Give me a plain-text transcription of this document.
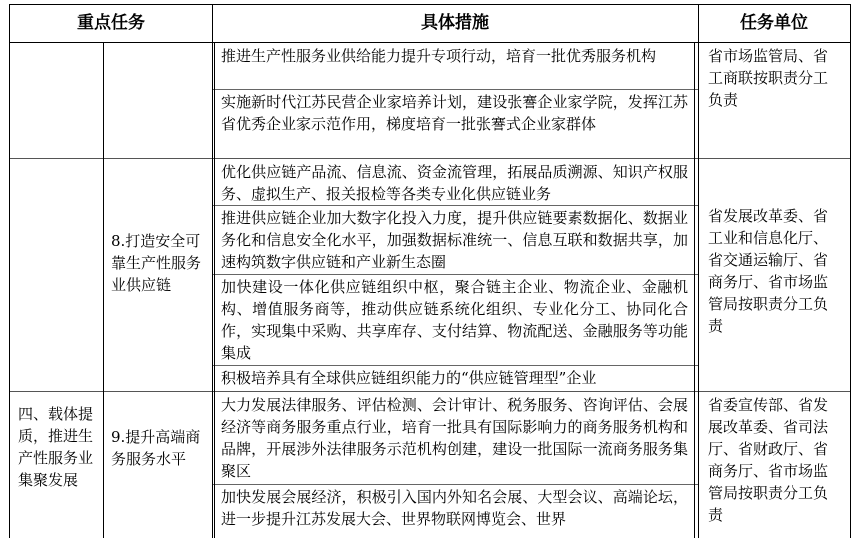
重点任务	具体措施	任务单位
推进生产性服务业供给能力提升专项行动，培育一批优秀服务机构
实施新时代江苏民营企业家培养计划，建设张謇企业家学院，发挥江苏省优秀企业家示范作用，梯度培育一批张謇式企业家群体
省市场监管局、省工商联按职责分工负责
8.打造安全可靠生产性服务业供应链
优化供应链产品流、信息流、资金流管理，拓展品质溯源、知识产权服务、虚拟生产、报关报检等各类专业化供应链业务
推进供应链企业加大数字化投入力度，提升供应链要素数据化、数据业务化和信息安全化水平，加强数据标准统一、信息互联和数据共享，加速构筑数字供应链和产业新生态圈
加快建设一体化供应链组织中枢，聚合链主企业、物流企业、金融机构、增值服务商等，推动供应链系统化组织、专业化分工、协同化合作，实现集中采购、共享库存、支付结算、物流配送、金融服务等功能集成
积极培养具有全球供应链组织能力的“供应链管理型”企业
省发展改革委、省工业和信息化厅、省交通运输厅、省商务厅、省市场监管局按职责分工负责
四、载体提质，推进生产性服务业集聚发展
9.提升高端商务服务水平
大力发展法律服务、评估检测、会计审计、税务服务、咨询评估、会展经济等商务服务重点行业，培育一批具有国际影响力的商务服务机构和品牌，开展涉外法律服务示范机构创建，建设一批国际一流商务服务集聚区
加快发展会展经济，积极引入国内外知名会展、大型会议、高端论坛，进一步提升江苏发展大会、世界物联网博览会、世界
省委宣传部、省发展改革委、省司法厅、省财政厅、省商务厅、省市场监管局按职责分工负责
